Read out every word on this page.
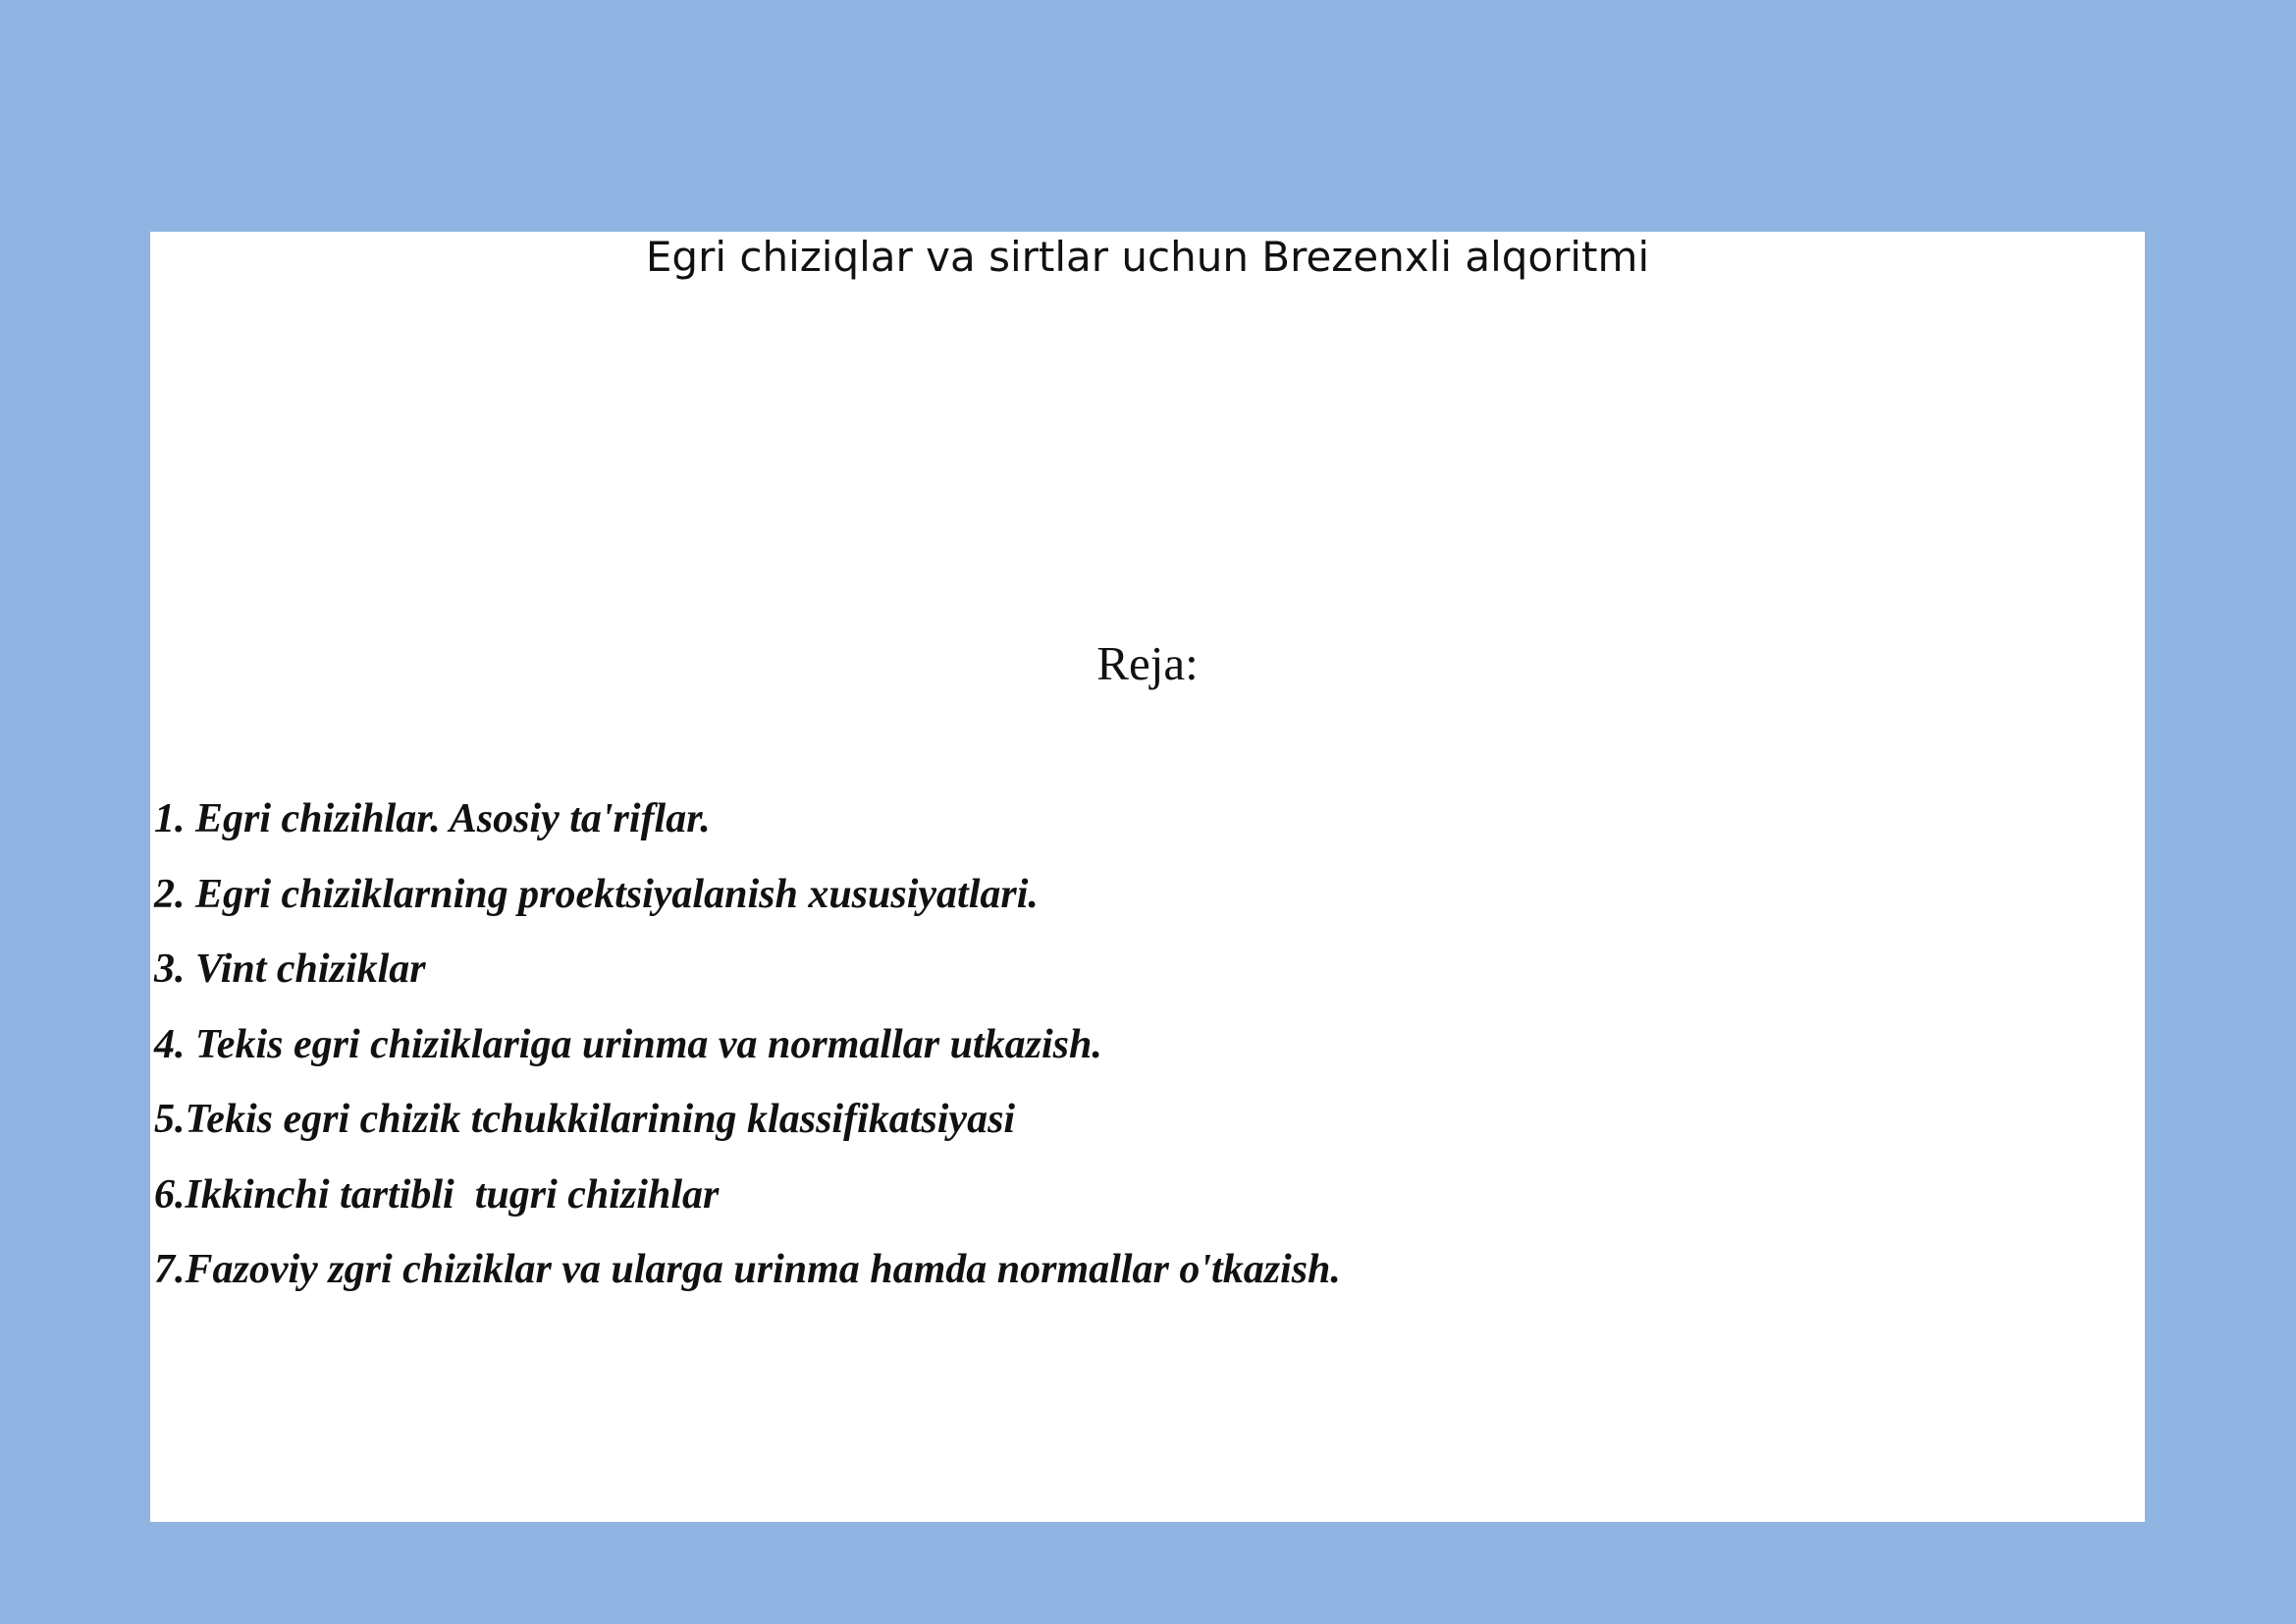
Egri chiziqlar va sirtlar uchun Brezenxli alqoritmi
Reja:
1. Egri chizihlar. Asosiy ta'riflar.
2. Egri chiziklarning proektsiyalanish xususiyatlari.
3. Vint chiziklar
4. Tekis egri chiziklariga urinma va normallar utkazish.
5.Tekis egri chizik tchukkilarining klassifikatsiyasi
6.Ikkinchi tartibli  tugri chizihlar
7.Fazoviy zgri chiziklar va ularga urinma hamda normallar o'tkazish.
